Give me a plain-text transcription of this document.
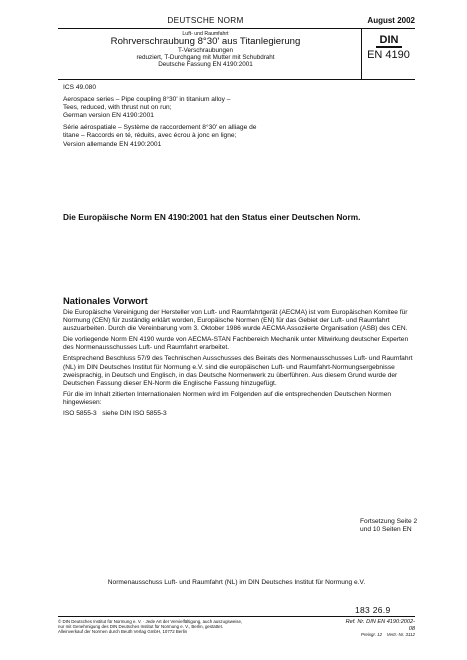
DEUTSCHE NORM	August 2002
Luft- und Raumfahrt
Rohrverschraubung 8°30' aus Titanlegierung
T-Verschraubungen
reduziert, T-Durchgang mit Mutter mit Schubdraht
Deutsche Fassung EN 4190:2001
DIN
EN 4190

ICS 49.080

Aerospace series – Pipe coupling 8°30' in titanium alloy –
Tees, reduced, with thrust nut on run;
German version EN 4190:2001

Série aérospatiale – Système de raccordement 8°30' en alliage de
titane – Raccords en té, réduits, avec écrou à jonc en ligne;
Version allemande EN 4190:2001

Die Europäische Norm EN 4190:2001 hat den Status einer Deutschen Norm.
Nationales Vorwort

Die Europäische Vereinigung der Hersteller von Luft- und Raumfahrtgerät (AECMA) ist vom Europäischen Komitee für Normung (CEN) für zuständig erklärt worden, Europäische Normen (EN) für das Gebiet der Luft- und Raumfahrt auszuarbeiten. Durch die Vereinbarung vom 3. Oktober 1986 wurde AECMA Assoziierte Organisation (ASB) des CEN.

Die vorliegende Norm EN 4190 wurde von AECMA-STAN Fachbereich Mechanik unter Mitwirkung deutscher Experten des Normenausschusses Luft- und Raumfahrt erarbeitet.

Entsprechend Beschluss 57/9 des Technischen Ausschusses des Beirats des Normenausschusses Luft- und Raumfahrt (NL) im DIN Deutsches Institut für Normung e.V. sind die europäischen Luft- und Raumfahrt-Normungsergebnisse zweisprachig, in Deutsch und Englisch, in das Deutsche Normenwerk zu überführen. Aus diesem Grund wurde der Deutschen Fassung dieser EN-Norm die Englische Fassung hinzugefügt.

Für die im Inhalt zitierten Internationalen Normen wird im Folgenden auf die entsprechenden Deutschen Normen hingewiesen:

ISO 5855-3   siehe DIN ISO 5855-3

Fortsetzung Seite 2
und 10 Seiten EN
Normenausschuss Luft- und Raumfahrt (NL) im DIN Deutsches Institut für Normung e.V.
183 26.9
© DIN Deutsches Institut für Normung e. V. · Jede Art der Vervielfältigung, auch auszugsweise,
nur mit Genehmigung des DIN Deutsches Institut für Normung e. V., Berlin, gestattet.
Alleinverkauf der Normen durch Beuth Verlag GmbH, 10772 Berlin
Ref. Nr. DIN EN 4190:2002-08
Preisgr. 12 Vertr.-Nr. 3112
